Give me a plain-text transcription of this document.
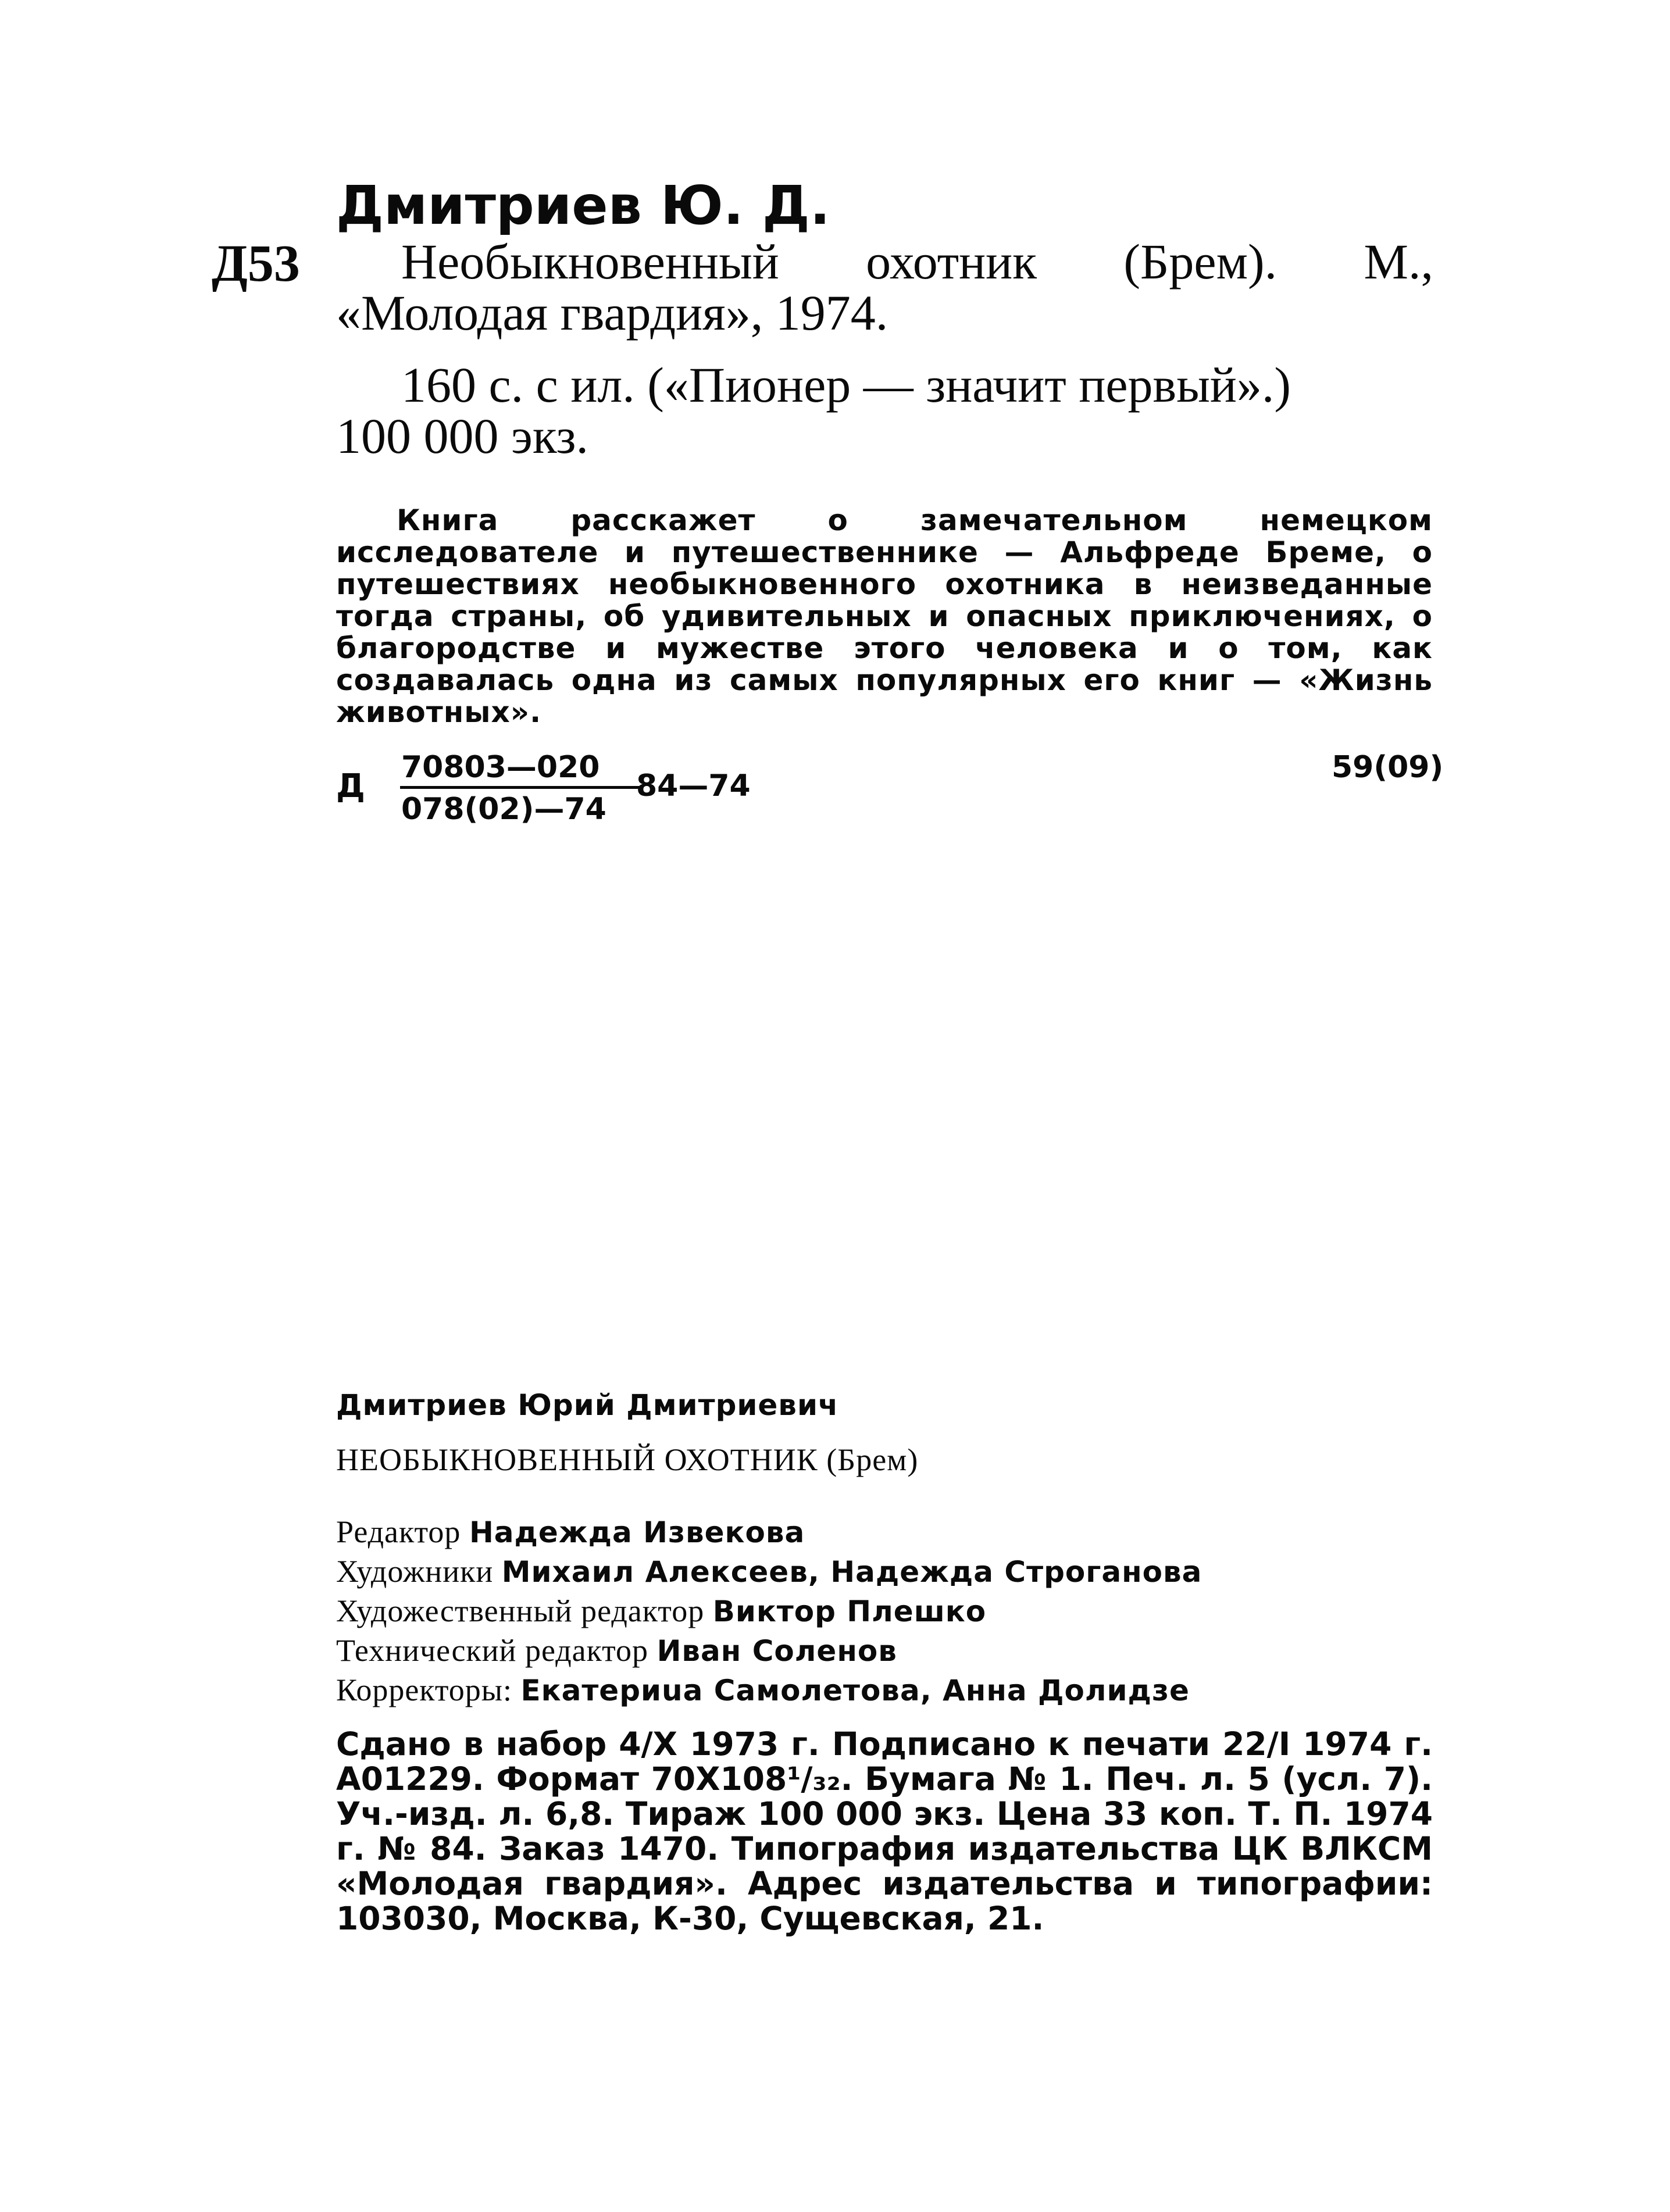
Дмитриев Ю. Д.
Д53 Необыкновенный охотник (Брем). М.,
«Молодая гвардия», 1974.
160 с. с ил. («Пионер — значит первый».)
100 000 экз.
Книга расскажет о замечательном немецком исследователе и путешественнике — Альфреде Бреме, о путешествиях необыкновенного охотника в неизведанные тогда страны, об удивительных и опасных приключениях, о благородстве и мужестве этого человека и о том, как создавалась одна из самых популярных его книг — «Жизнь животных».
Д 70803—020
078(02)—74
84—74
59(09)
Дмитриев Юрий Дмитриевич
НЕОБЫКНОВЕННЫЙ ОХОТНИК (Брем)
Редактор Надежда Извекова
Художники Михаил Алексеев, Надежда Строганова
Художественный редактор Виктор Плешко
Технический редактор Иван Соленов
Корректоры: Екатериua Самолетова, Анна Долидзе
Сдано в набор 4/X 1973 г. Подписано к печати 22/I 1974 г. А01229. Формат 70Х108¹/₃₂. Бумага № 1. Печ. л. 5 (усл. 7). Уч.-изд. л. 6,8. Тираж 100 000 экз. Цена 33 коп. Т. П. 1974 г. № 84. Заказ 1470. Типография издательства ЦК ВЛКСМ «Молодая гвардия». Адрес издательства и типографии: 103030, Москва, К-30, Сущевская, 21.
